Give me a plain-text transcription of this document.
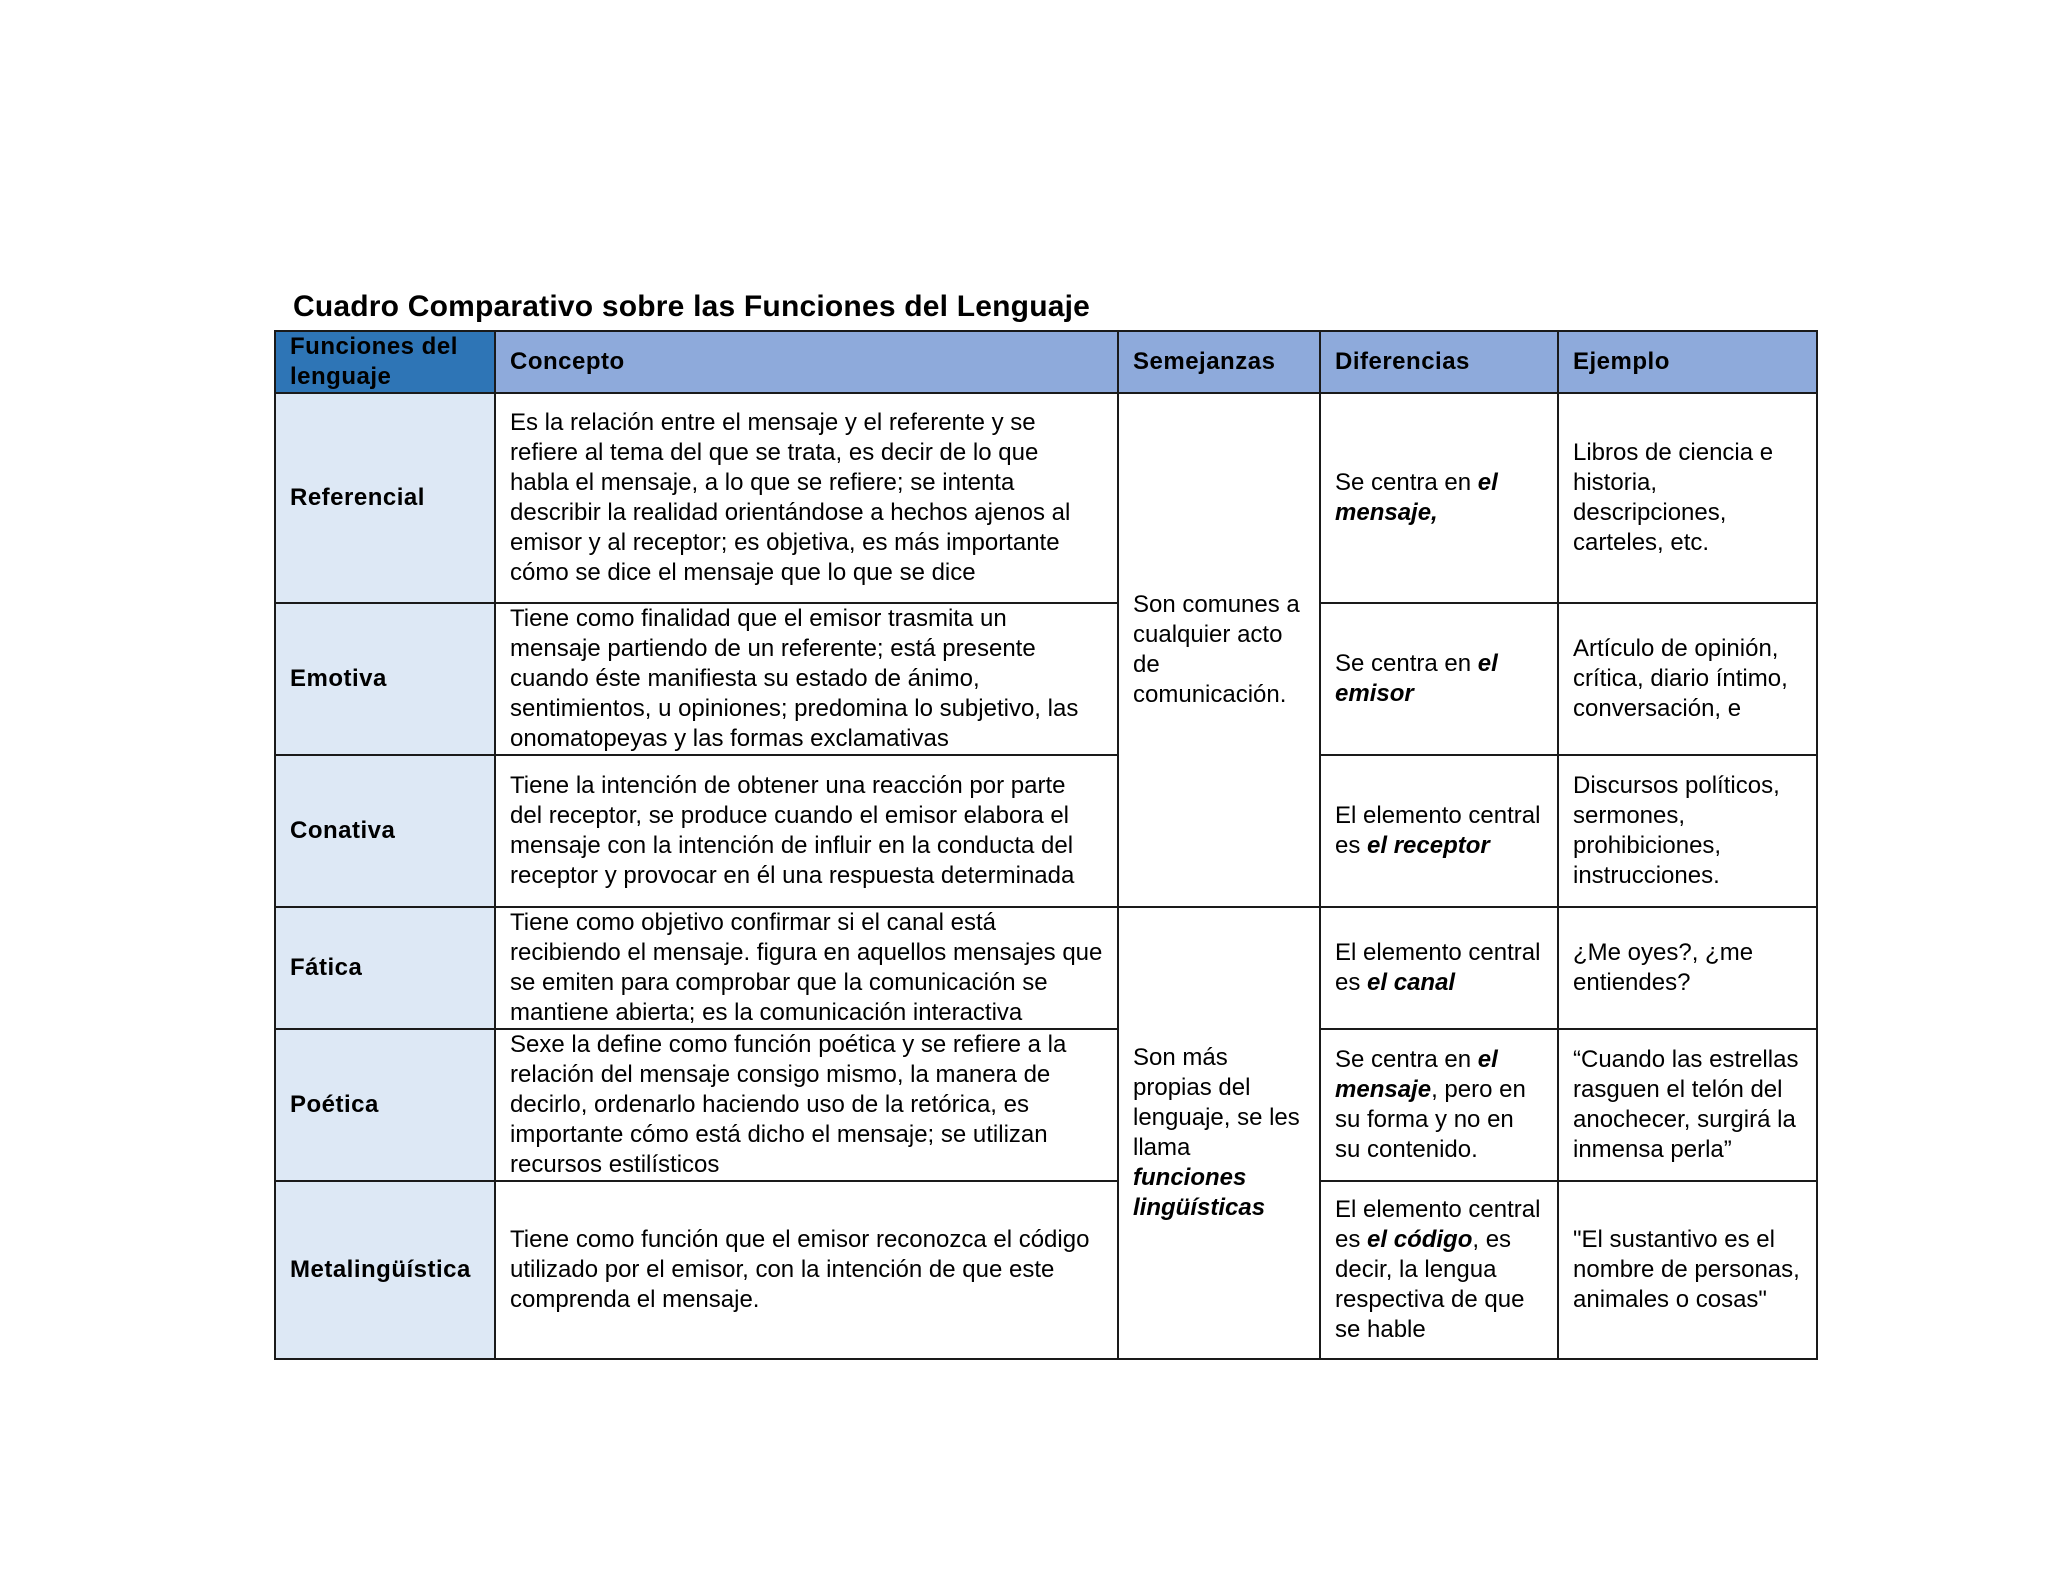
Cuadro Comparativo sobre las Funciones del Lenguaje
Funciones del lenguaje	Concepto	Semejanzas	Diferencias	Ejemplo
Referencial	Es la relación entre el mensaje y el referente y se refiere al tema del que se trata, es decir de lo que habla el mensaje, a lo que se refiere; se intenta describir la realidad orientándose a hechos ajenos al emisor y al receptor; es objetiva, es más importante cómo se dice el mensaje que lo que se dice	Son comunes a cualquier acto de comunicación.	Se centra en el mensaje,	Libros de ciencia e historia, descripciones, carteles, etc.
Emotiva	Tiene como finalidad que el emisor trasmita un mensaje partiendo de un referente; está presente cuando éste manifiesta su estado de ánimo, sentimientos, u opiniones; predomina lo subjetivo, las onomatopeyas y las formas exclamativas		Se centra en el emisor	Artículo de opinión, crítica, diario íntimo, conversación, e
Conativa	Tiene la intención de obtener una reacción por parte del receptor, se produce cuando el emisor elabora el mensaje con la intención de influir en la conducta del receptor y provocar en él una respuesta determinada		El elemento central es el receptor	Discursos políticos, sermones, prohibiciones, instrucciones.
Fática	Tiene como objetivo confirmar si el canal está recibiendo el mensaje. figura en aquellos mensajes que se emiten para comprobar que la comunicación se mantiene abierta; es la comunicación interactiva	Son más propias del lenguaje, se les llama funciones lingüísticas	El elemento central es el canal	¿Me oyes?, ¿me entiendes?
Poética	Sexe la define como función poética y se refiere a la relación del mensaje consigo mismo, la manera de decirlo, ordenarlo haciendo uso de la retórica, es importante cómo está dicho el mensaje; se utilizan recursos estilísticos		Se centra en el mensaje, pero en su forma y no en su contenido.	“Cuando las estrellas rasguen el telón del anochecer, surgirá la inmensa perla”
Metalingüística	Tiene como función que el emisor reconozca el código utilizado por el emisor, con la intención de que este comprenda el mensaje.		El elemento central es el código, es decir, la lengua respectiva de que se hable	"El sustantivo es el nombre de personas, animales o cosas"
